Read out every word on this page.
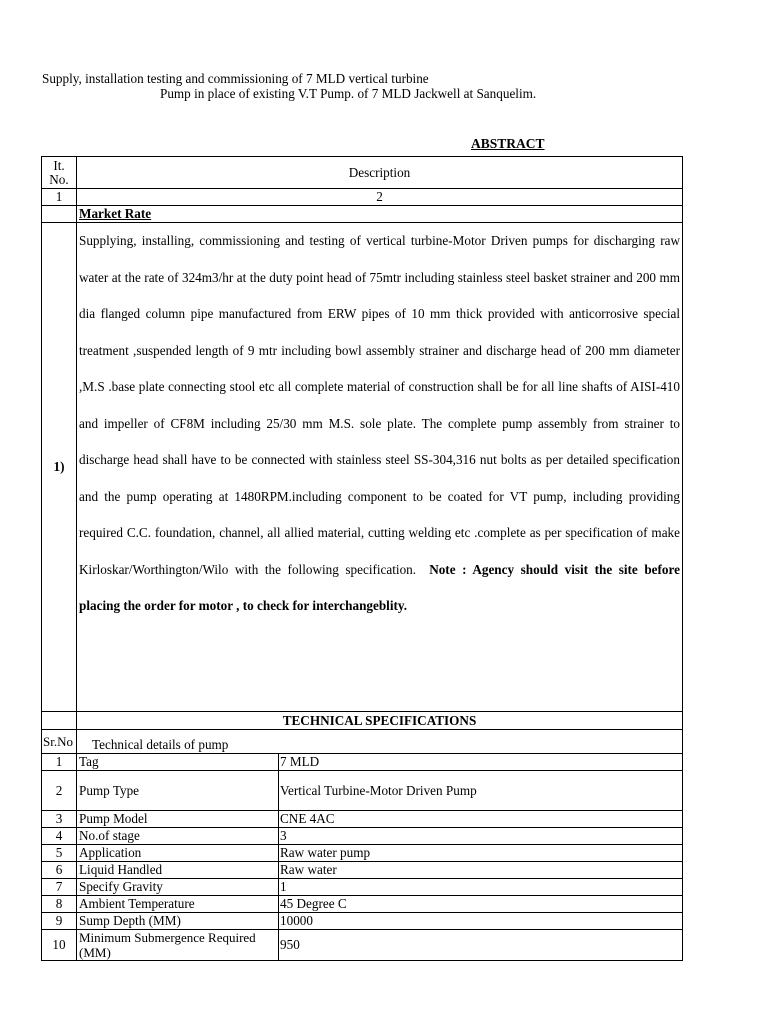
Supply, installation testing and commissioning of 7 MLD vertical turbine
Pump in place of existing V.T Pump. of 7 MLD Jackwell at Sanquelim.
ABSTRACT
It. No.	Description	
1	2	
	Market Rate	
1)	Supplying, installing, commissioning and testing of vertical turbine-Motor Driven pumps for discharging raw water at the rate of 324m3/hr at the duty point head of 75mtr including stainless steel basket strainer and 200 mm dia flanged column pipe manufactured from ERW pipes of 10 mm thick provided with anticorrosive special treatment ,suspended length of 9 mtr including bowl assembly strainer and discharge head of 200 mm diameter ,M.S .base plate connecting stool etc all complete material of construction shall be for all line shafts of AISI-410 and impeller of CF8M including 25/30 mm M.S. sole plate. The complete pump assembly from strainer to discharge head shall have to be connected with stainless steel SS-304,316 nut bolts as per detailed specification and the pump operating at 1480RPM.including component to be coated for VT pump, including providing required C.C. foundation, channel, all allied material, cutting welding etc .complete as per specification of make Kirloskar/Worthington/Wilo with the following specification. Note : Agency should visit the site before placing the order for motor , to check for interchangeblity.	
	TECHNICAL SPECIFICATIONS	
Sr.No	Technical details of pump	
1	Tag	7 MLD
2	Pump Type	Vertical Turbine-Motor Driven Pump
3	Pump Model	CNE 4AC
4	No.of stage	3
5	Application	Raw water pump
6	Liquid Handled	Raw water
7	Specify Gravity	1
8	Ambient Temperature	45 Degree C
9	Sump Depth (MM)	10000
10	Minimum Submergence Required (MM)	950
